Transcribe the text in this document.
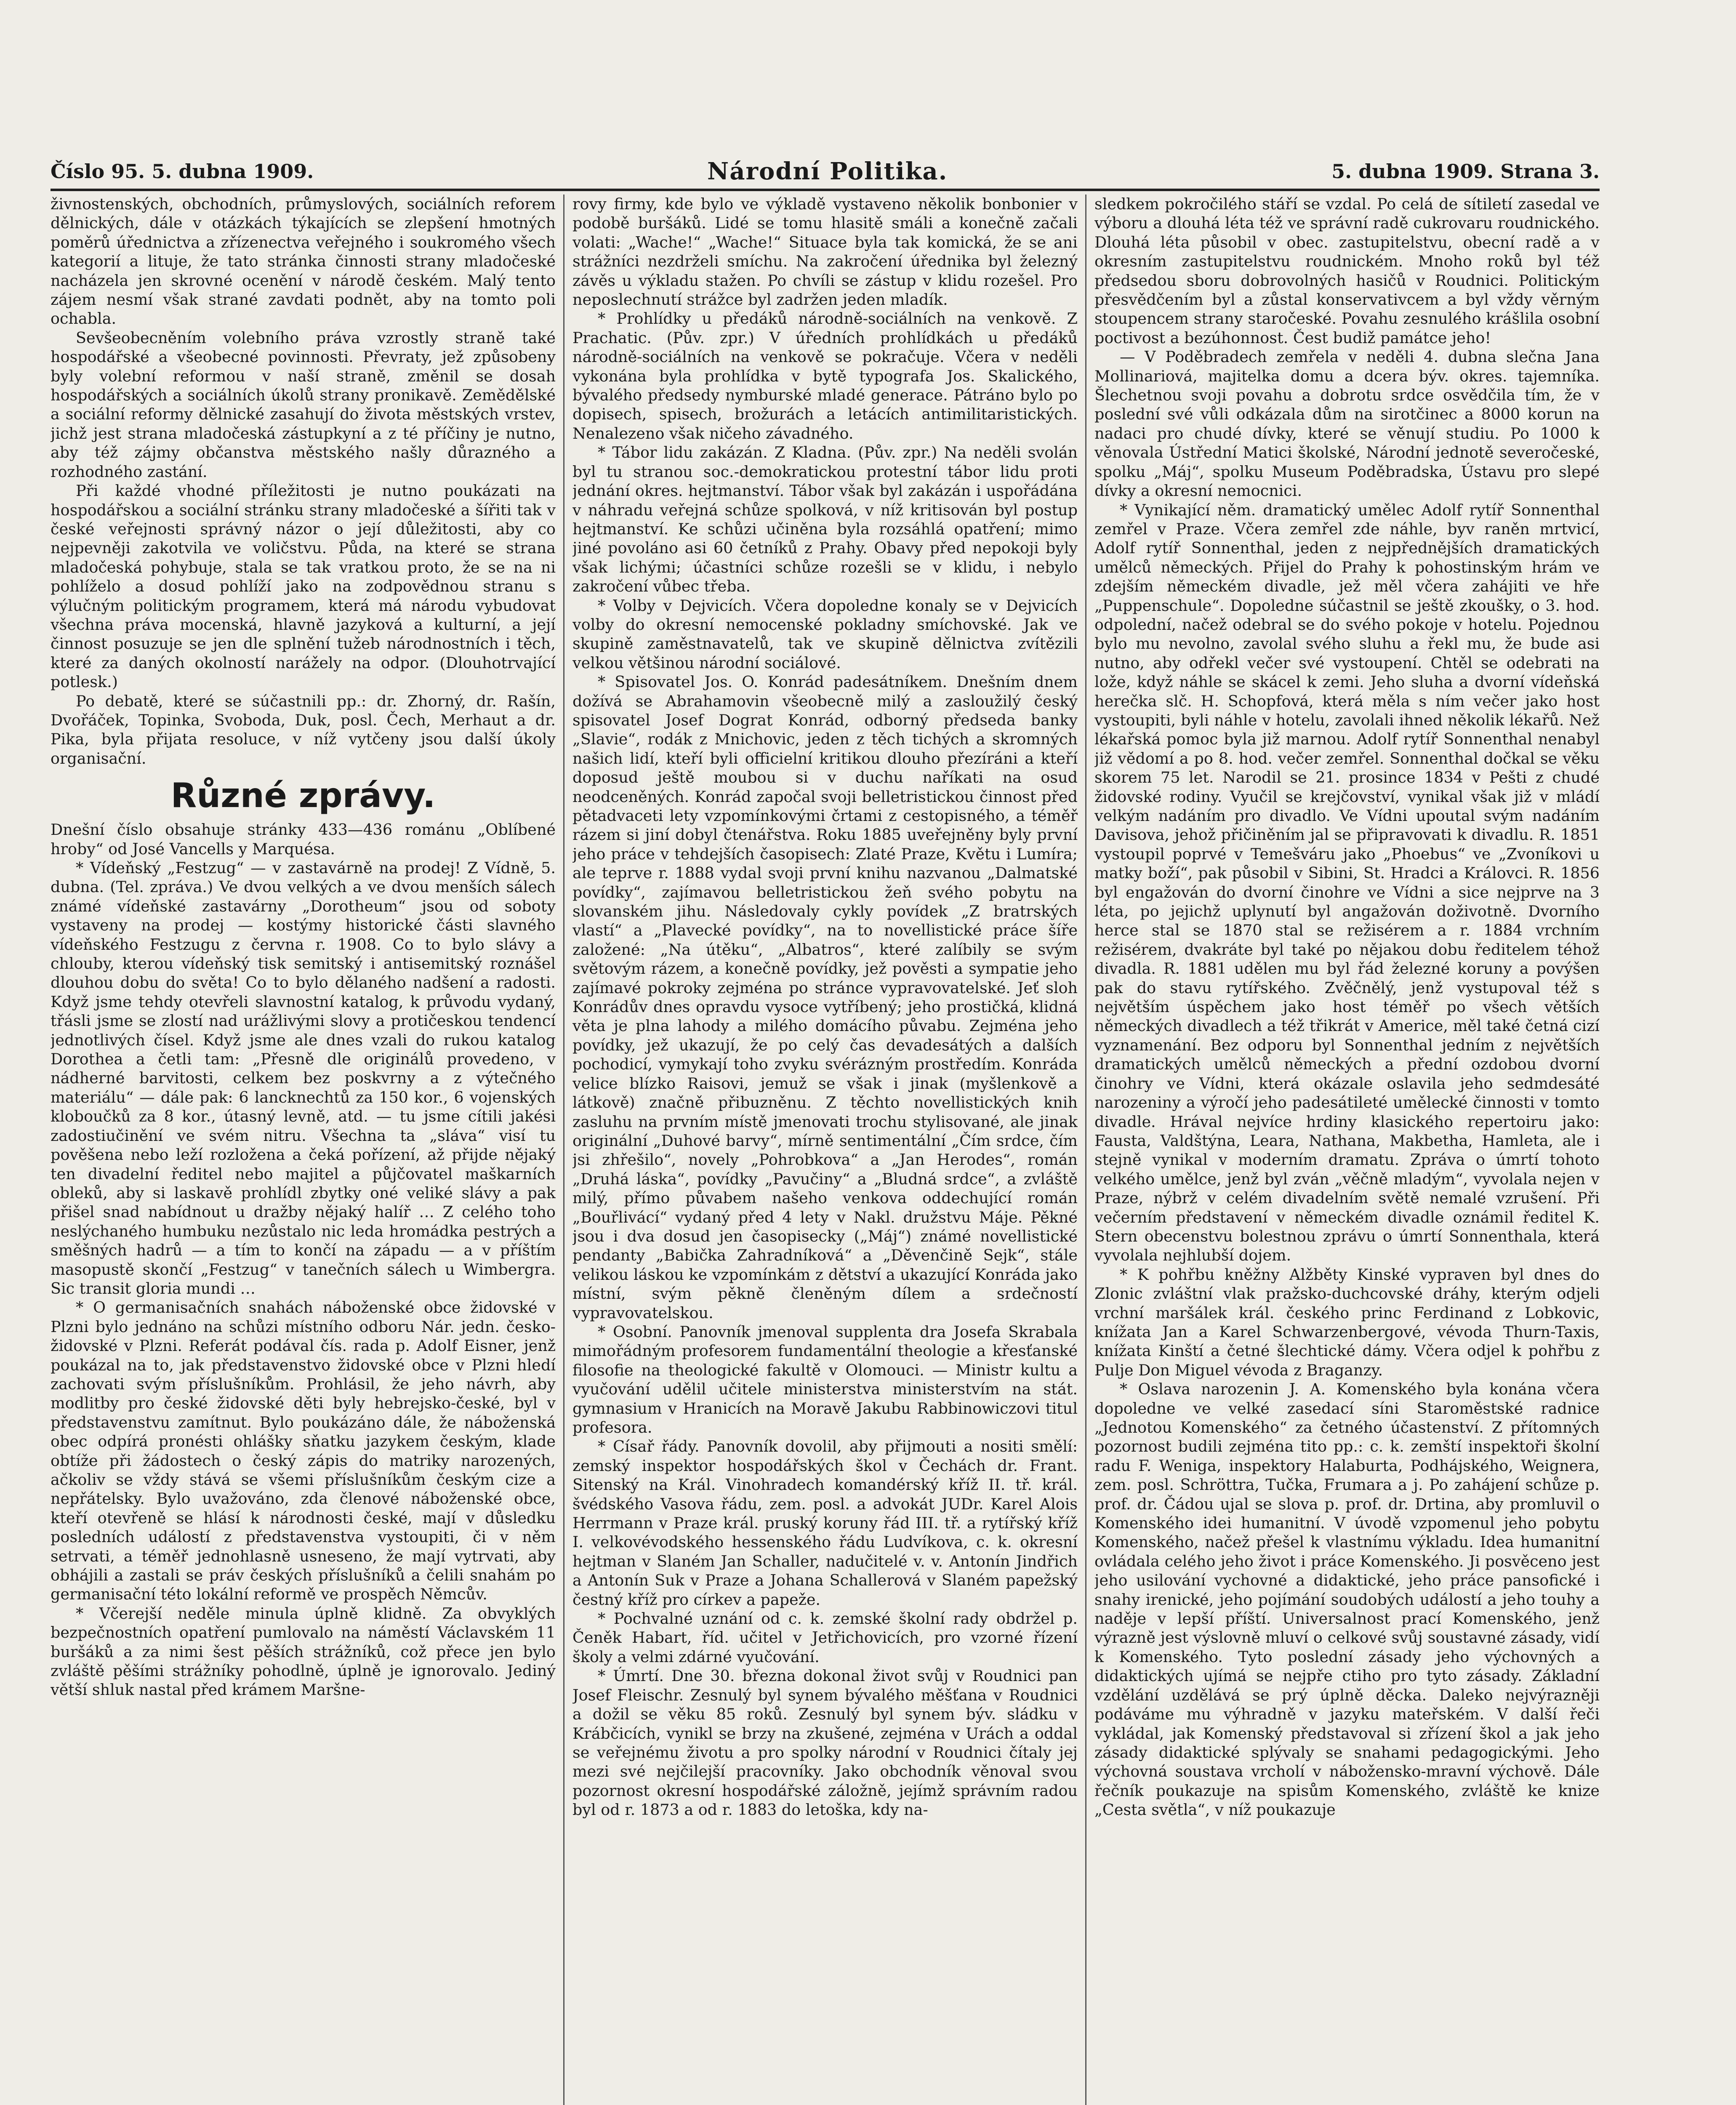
Číslo 95. 5. dubna 1909.	Národní Politika.	5. dubna 1909. Strana 3.

živnostenských, obchodních, průmyslových, sociálních reforem dělnických, dále v otázkách týkajících se zlepšení hmotných poměrů úřednictva a zřízenectva veřejného i soukromého všech kategorií a lituje, že tato stránka činnosti strany mladočeské nacházela jen skrovné ocenění v národě českém. Malý tento zájem nesmí však strané zavdati podnět, aby na tomto poli ochabla.

Sevšeobecněním volebního práva vzrostly straně také hospodářské a všeobecné povinnosti. Převraty, jež způsobeny byly volební reformou v naší straně, změnil se dosah hospodářských a sociálních úkolů strany pronikavě. Zemědělské a sociální reformy dělnické zasahují do života městských vrstev, jichž jest strana mladočeská zástupkyní a z té příčiny je nutno, aby též zájmy občanstva městského našly důrazného a rozhodného zastání.

Při každé vhodné příležitosti je nutno poukázati na hospodářskou a sociální stránku strany mladočeské a šířiti tak v české veřejnosti správný názor o její důležitosti, aby co nejpevněji zakotvila ve voličstvu. Půda, na které se strana mladočeská pohybuje, stala se tak vratkou proto, že se na ni pohlíželo a dosud pohlíží jako na zodpovědnou stranu s výlučným politickým programem, která má národu vybudovat všechna práva mocenská, hlavně jazyková a kulturní, a její činnost posuzuje se jen dle splnění tužeb národnostních i těch, které za daných okolností narážely na odpor. (Dlouhotrvající potlesk.)

Po debatě, které se súčastnili pp.: dr. Zhorný, dr. Rašín, Dvořáček, Topinka, Svoboda, Duk, posl. Čech, Merhaut a dr. Pika, byla přijata resoluce, v níž vytčeny jsou další úkoly organisační.

Různé zprávy.

Dnešní číslo obsahuje stránky 433—436 románu „Oblíbené hroby“ od José Vancells y Marquésa.

* Vídeňský „Festzug“ — v zastavárně na prodej! Z Vídně, 5. dubna. (Tel. zpráva.) Ve dvou velkých a ve dvou menších sálech známé vídeňské zastavárny „Dorotheum“ jsou od soboty vystaveny na prodej — kostýmy historické části slavného vídeňského Festzugu z června r. 1908. Co to bylo slávy a chlouby, kterou vídeňský tisk semitský i antisemitský roznášel dlouhou dobu do světa! Co to bylo dělaného nadšení a radosti. Když jsme tehdy otevřeli slavnostní katalog, k průvodu vydaný, třásli jsme se zlostí nad urážlivými slovy a protičeskou tendencí jednotlivých čísel. Když jsme ale dnes vzali do rukou katalog Dorothea a četli tam: „Přesně dle originálů provedeno, v nádherné barvitosti, celkem bez poskvrny a z výtečného materiálu“ — dále pak: 6 lancknechtů za 150 kor., 6 vojenských kloboučků za 8 kor., útasný levně, atd. — tu jsme cítili jakési zadostiučinění ve svém nitru. Všechna ta „sláva“ visí tu pověšena nebo leží rozložena a čeká pořízení, až přijde nějaký ten divadelní ředitel nebo majitel a půjčovatel maškarních obleků, aby si laskavě prohlídl zbytky oné veliké slávy a pak přišel snad nabídnout u dražby nějaký halíř … Z celého toho neslýchaného humbuku nezůstalo nic leda hromádka pestrých a směšných hadrů — a tím to končí na západu — a v příštím masopustě skončí „Festzug“ v tanečních sálech u Wimbergra. Sic transit gloria mundi …

* O germanisačních snahách náboženské obce židovské v Plzni bylo jednáno na schůzi místního odboru Nár. jedn. česko-židovské v Plzni. Referát podával čís. rada p. Adolf Eisner, jenž poukázal na to, jak představenstvo židovské obce v Plzni hledí zachovati svým příslušníkům. Prohlásil, že jeho návrh, aby modlitby pro české židovské děti byly hebrejsko-české, byl v představenstvu zamítnut. Bylo poukázáno dále, že náboženská obec odpírá pronésti ohlášky sňatku jazykem českým, klade obtíže při žádostech o český zápis do matriky narozených, ačkoliv se vždy stává se všemi příslušníkům českým cize a nepřátelsky. Bylo uvažováno, zda členové náboženské obce, kteří otevřeně se hlásí k národnosti české, mají v důsledku posledních událostí z představenstva vystoupiti, či v něm setrvati, a téměř jednohlasně usneseno, že mají vytrvati, aby obhájili a zastali se práv českých příslušníků a čelili snahám po germanisační této lokální reformě ve prospěch Němcův.

* Včerejší neděle minula úplně klidně. Za obvyklých bezpečnostních opatření pumlovalo na náměstí Václavském 11 buršáků a za nimi šest pěších strážníků, což přece jen bylo zvláště pěšími strážníky pohodlně, úplně je ignorovalo. Jediný větší shluk nastal před krámem Maršne-

rovy firmy, kde bylo ve výkladě vystaveno několik bonbonier v podobě buršáků. Lidé se tomu hlasitě smáli a konečně začali volati: „Wache!“ „Wache!“ Situace byla tak komická, že se ani strážníci nezdrželi smíchu. Na zakročení úřednika byl železný závěs u výkladu stažen. Po chvíli se zástup v klidu rozešel. Pro neposlechnutí strážce byl zadržen jeden mladík.

* Prohlídky u předáků národně-sociálních na venkově. Z Prachatic. (Pův. zpr.) V úředních prohlídkách u předáků národně-sociálních na venkově se pokračuje. Včera v neděli vykonána byla prohlídka v bytě typografa Jos. Skalického, bývalého předsedy nymburské mladé generace. Pátráno bylo po dopisech, spisech, brožurách a letácích antimilitaristických. Nenalezeno však ničeho závadného.

* Tábor lidu zakázán. Z Kladna. (Pův. zpr.) Na neděli svolán byl tu stranou soc.-demokratickou protestní tábor lidu proti jednání okres. hejtmanství. Tábor však byl zakázán i uspořádána v náhradu veřejná schůze spolková, v níž kritisován byl postup hejtmanství. Ke schůzi učiněna byla rozsáhlá opatření; mimo jiné povoláno asi 60 četníků z Prahy. Obavy před nepokoji byly však lichými; účastníci schůze rozešli se v klidu, i nebylo zakročení vůbec třeba.

* Volby v Dejvicích. Včera dopoledne konaly se v Dejvicích volby do okresní nemocenské pokladny smíchovské. Jak ve skupině zaměstnavatelů, tak ve skupině dělnictva zvítězili velkou většinou národní sociálové.

* Spisovatel Jos. O. Konrád padesátníkem. Dnešním dnem dožívá se Abrahamovin všeobecně milý a zasloužilý český spisovatel Josef Dograt Konrád, odborný předseda banky „Slavie“, rodák z Mnichovic, jeden z těch tichých a skromných našich lidí, kteří byli officielní kritikou dlouho přezíráni a kteří doposud ještě moubou si v duchu naříkati na osud neodceněných. Konrád započal svoji belletristickou činnost před pětadvaceti lety vzpomínkovými črtami z cestopisného, a téměř rázem si jiní dobyl čtenářstva. Roku 1885 uveřejněny byly první jeho práce v tehdejších časopisech: Zlaté Praze, Květu i Lumíra; ale teprve r. 1888 vydal svoji první knihu nazvanou „Dalmatské povídky“, zajímavou belletristickou žeň svého pobytu na slovanském jihu. Následovaly cykly povídek „Z bratrských vlastí“ a „Plavecké povídky“, na to novellistické práce šíře založené: „Na útěku“, „Albatros“, které zalíbily se svým světovým rázem, a konečně povídky, jež pověsti a sympatie jeho zajímavé pokroky zejména po stránce vypravovatelské. Jeť sloh Konrádův dnes opravdu vysoce vytříbený; jeho prostičká, klidná věta je plna lahody a milého domácího půvabu. Zejména jeho povídky, jež ukazují, že po celý čas devadesátých a dalších pochodicí, vymykají toho zvyku svérázným prostředím. Konráda velice blízko Raisovi, jemuž se však i jinak (myšlenkově a látkově) značně přibuzněnu. Z těchto novellistických knih zasluhu na prvním místě jmenovati trochu stylisované, ale jinak originální „Duhové barvy“, mírně sentimentální „Čím srdce, čím jsi zhřešilo“, novely „Pohrobkova“ a „Jan Herodes“, román „Druhá láska“, povídky „Pavučiny“ a „Bludná srdce“, a zvláště milý, přímo půvabem našeho venkova oddechující román „Bouřlivácí“ vydaný před 4 lety v Nakl. družstvu Máje. Pěkné jsou i dva dosud jen časopisecky („Máj“) známé novellistické pendanty „Babička Zahradníková“ a „Děvenčině Sejk“, stále velikou láskou ke vzpomínkám z dětství a ukazující Konráda jako místní, svým pěkně členěným dílem a srdečností vypravovatelskou.

* Osobní. Panovník jmenoval supplenta dra Josefa Skrabala mimořádným profesorem fundamentální theologie a křesťanské filosofie na theologické fakultě v Olomouci. — Ministr kultu a vyučování udělil učitele ministerstva ministerstvím na stát. gymnasium v Hranicích na Moravě Jakubu Rabbinowiczovi titul profesora.

* Císař řády. Panovník dovolil, aby přijmouti a nositi smělí: zemský inspektor hospodářských škol v Čechách dr. Frant. Sitenský na Král. Vinohradech komandérský kříž II. tř. král. švédského Vasova řádu, zem. posl. a advokát JUDr. Karel Alois Herrmann v Praze král. pruský koruny řád III. tř. a rytířský kříž I. velkovévodského hessenského řádu Ludvíkova, c. k. okresní hejtman v Slaném Jan Schaller, nadučitelé v. v. Antonín Jindřich a Antonín Suk v Praze a Johana Schallerová v Slaném papežský čestný kříž pro církev a papeže.

* Pochvalné uznání od c. k. zemské školní rady obdržel p. Čeněk Habart, říd. učitel v Jetřichovicích, pro vzorné řízení školy a velmi zdárné vyučování.

* Úmrtí. Dne 30. března dokonal život svůj v Roudnici pan Josef Fleischr. Zesnulý byl synem bývalého měšťana v Roudnici a dožil se věku 85 roků. Zesnulý byl synem býv. sládku v Krábčicích, vynikl se brzy na zkušené, zejména v Urách a oddal se veřejnému životu a pro spolky národní v Roudnici čítaly jej mezi své nejčilejší pracovníky. Jako obchodník věnoval svou pozornost okresní hospodářské záložně, jejímž správním radou byl od r. 1873 a od r. 1883 do letoška, kdy na-

sledkem pokročilého stáří se vzdal. Po celá de sítiletí zasedal ve výboru a dlouhá léta též ve správní radě cukrovaru roudnického. Dlouhá léta působil v obec. zastupitelstvu, obecní radě a v okresním zastupitelstvu roudnickém. Mnoho roků byl též předsedou sboru dobrovolných hasičů v Roudnici. Politickým přesvědčením byl a zůstal konservativcem a byl vždy věrným stoupencem strany staročeské. Povahu zesnulého krášlila osobní poctivost a bezúhonnost. Čest budiž památce jeho!

— V Poděbradech zemřela v neděli 4. dubna slečna Jana Mollinariová, majitelka domu a dcera býv. okres. tajemníka. Šlechetnou svoji povahu a dobrotu srdce osvědčila tím, že v poslední své vůli odkázala dům na sirotčinec a 8000 korun na nadaci pro chudé dívky, které se věnují studiu. Po 1000 k věnovala Ústřední Matici školské, Národní jednotě severočeské, spolku „Máj“, spolku Museum Poděbradska, Ústavu pro slepé dívky a okresní nemocnici.

* Vynikající něm. dramatický umělec Adolf rytíř Sonnenthal zemřel v Praze. Včera zemřel zde náhle, byv raněn mrtvicí, Adolf rytíř Sonnenthal, jeden z nejpřednějších dramatických umělců německých. Přijel do Prahy k pohostinským hrám ve zdejším německém divadle, jež měl včera zahájiti ve hře „Puppenschule“. Dopoledne súčastnil se ještě zkoušky, o 3. hod. odpolední, načež odebral se do svého pokoje v hotelu. Pojednou bylo mu nevolno, zavolal svého sluhu a řekl mu, že bude asi nutno, aby odřekl večer své vystoupení. Chtěl se odebrati na lože, když náhle se skácel k zemi. Jeho sluha a dvorní vídeňská herečka slč. H. Schopfová, která měla s ním večer jako host vystoupiti, byli náhle v hotelu, zavolali ihned několik lékařů. Než lékařská pomoc byla již marnou. Adolf rytíř Sonnenthal nenabyl již vědomí a po 8. hod. večer zemřel. Sonnenthal dočkal se věku skorem 75 let. Narodil se 21. prosince 1834 v Pešti z chudé židovské rodiny. Vyučil se krejčovství, vynikal však již v mládí velkým nadáním pro divadlo. Ve Vídni upoutal svým nadáním Davisova, jehož přičiněním jal se připravovati k divadlu. R. 1851 vystoupil poprvé v Temešváru jako „Phoebus“ ve „Zvoníkovi u matky boží“, pak působil v Sibini, St. Hradci a Královci. R. 1856 byl engažován do dvorní činohre ve Vídni a sice nejprve na 3 léta, po jejichž uplynutí byl angažován doživotně. Dvorního herce stal se 1870 stal se režisérem a r. 1884 vrchním režisérem, dvakráte byl také po nějakou dobu ředitelem téhož divadla. R. 1881 udělen mu byl řád železné koruny a povýšen pak do stavu rytířského. Zvěčnělý, jenž vystupoval též s největším úspěchem jako host téměř po všech větších německých divadlech a též třikrát v Americe, měl také četná cizí vyznamenání. Bez odporu byl Sonnenthal jedním z největších dramatických umělců německých a přední ozdobou dvorní činohry ve Vídni, která okázale oslavila jeho sedmdesáté narozeniny a výročí jeho padesátileté umělecké činnosti v tomto divadle. Hrával nejvíce hrdiny klasického repertoiru jako: Fausta, Valdštýna, Leara, Nathana, Makbetha, Hamleta, ale i stejně vynikal v moderním dramatu. Zpráva o úmrtí tohoto velkého umělce, jenž byl zván „věčně mladým“, vyvolala nejen v Praze, nýbrž v celém divadelním světě nemalé vzrušení. Při večerním představení v německém divadle oznámil ředitel K. Stern obecenstvu bolestnou zprávu o úmrtí Sonnenthala, která vyvolala nejhlubší dojem.

* K pohřbu kněžny Alžběty Kinské vypraven byl dnes do Zlonic zvláštní vlak pražsko-duchcovské dráhy, kterým odjeli vrchní maršálek král. českého princ Ferdinand z Lobkovic, knížata Jan a Karel Schwarzenbergové, vévoda Thurn-Taxis, knížata Kinští a četné šlechtické dámy. Včera odjel k pohřbu z Pulje Don Miguel vévoda z Braganzy.

* Oslava narozenin J. A. Komenského byla konána včera dopoledne ve velké zasedací síni Staroměstské radnice „Jednotou Komenského“ za četného účastenství. Z přítomných pozornost budili zejména tito pp.: c. k. zemští inspektoři školní radu F. Weniga, inspektory Halaburta, Podhájského, Weignera, zem. posl. Schröttra, Tučka, Frumara a j. Po zahájení schůze p. prof. dr. Čádou ujal se slova p. prof. dr. Drtina, aby promluvil o Komenského idei humanitní. V úvodě vzpomenul jeho pobytu Komenského, načež přešel k vlastnímu výkladu. Idea humanitní ovládala celého jeho život i práce Komenského. Ji posvěceno jest jeho usilování vychovné a didaktické, jeho práce pansofické i snahy irenické, jeho pojímání soudobých událostí a jeho touhy a naděje v lepší příští. Universalnost prací Komenského, jenž výrazně jest výslovně mluví o celkové svůj soustavné zásady, vidí k Komenského. Tyto poslední zásady jeho výchovných a didaktických ujímá se nejpře ctiho pro tyto zásady. Základní vzdělání uzdělává se prý úplně děcka. Daleko nejvýrazněji podáváme mu výhradně v jazyku mateřském. V další řeči vykládal, jak Komenský představoval si zřízení škol a jak jeho zásady didaktické splývaly se snahami pedagogickými. Jeho výchovná soustava vrcholí v nábožensko-mravní výchově. Dále řečník poukazuje na spisům Komenského, zvláště ke knize „Cesta světla“, v níž poukazuje
